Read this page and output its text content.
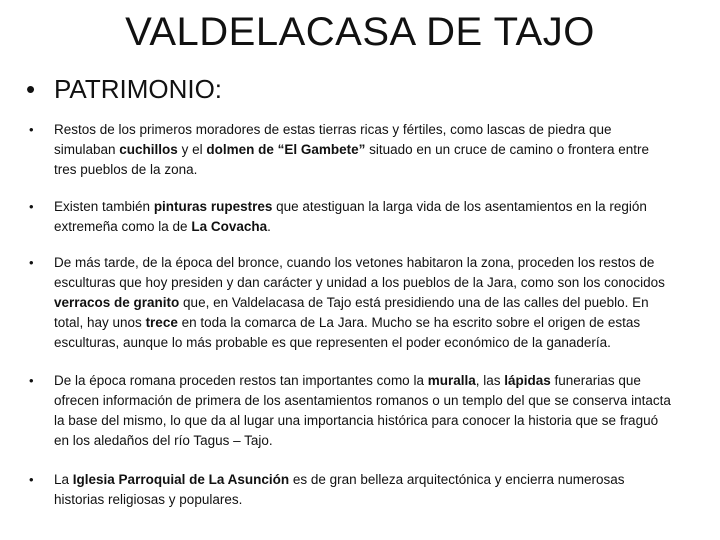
VALDELACASA DE TAJO
• PATRIMONIO:
• Restos de los primeros moradores de estas tierras ricas y fértiles, como lascas de piedra que simulaban cuchillos y el dolmen de “El Gambete” situado en un cruce de camino o frontera entre tres pueblos de la zona.
• Existen también pinturas rupestres que atestiguan la larga vida de los asentamientos en la región extremeña como la de La Covacha.
• De más tarde, de la época del bronce, cuando los vetones habitaron la zona, proceden los restos de esculturas que hoy presiden y dan carácter y unidad a los pueblos de la Jara, como son los conocidos verracos de granito que, en Valdelacasa de Tajo está presidiendo una de las calles del pueblo. En total, hay unos trece en toda la comarca de La Jara. Mucho se ha escrito sobre el origen de estas esculturas, aunque lo más probable es que representen el poder económico de la ganadería.
• De la época romana proceden restos tan importantes como la muralla, las lápidas funerarias que ofrecen información de primera de los asentamientos romanos o un templo del que se conserva intacta la base del mismo, lo que da al lugar una importancia histórica para conocer la historia que se fraguó en los aledaños del río Tagus – Tajo.
• La Iglesia Parroquial de La Asunción es de gran belleza arquitectónica y encierra numerosas historias religiosas y populares.
